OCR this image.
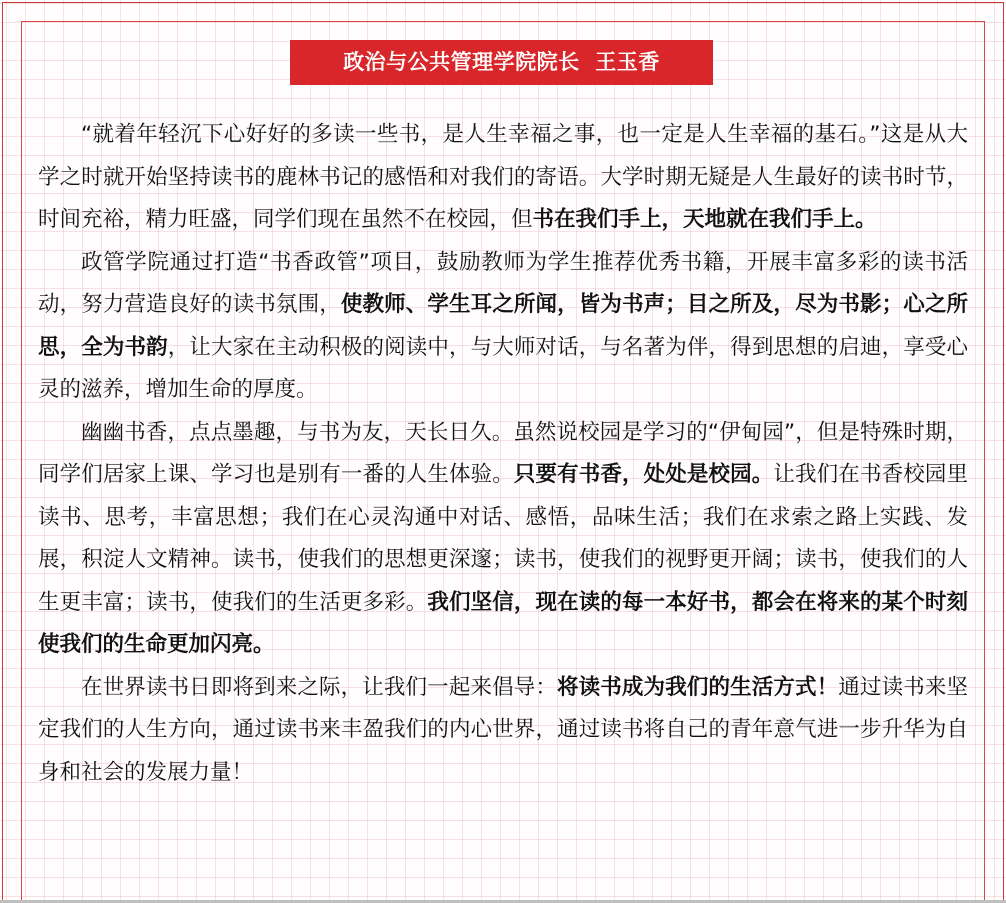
政治与公共管理学院院长  王玉香

“就着年轻沉下心好好的多读一些书，是人生幸福之事，也一定是人生幸福的基石。”这是从大学之时就开始坚持读书的鹿林书记的感悟和对我们的寄语。大学时期无疑是人生最好的读书时节，时间充裕，精力旺盛，同学们现在虽然不在校园，但书在我们手上，天地就在我们手上。

政管学院通过打造“书香政管”项目，鼓励教师为学生推荐优秀书籍，开展丰富多彩的读书活动，努力营造良好的读书氛围，使教师、学生耳之所闻，皆为书声；目之所及，尽为书影；心之所思，全为书韵，让大家在主动积极的阅读中，与大师对话，与名著为伴，得到思想的启迪，享受心灵的滋养，增加生命的厚度。

幽幽书香，点点墨趣，与书为友，天长日久。虽然说校园是学习的“伊甸园”，但是特殊时期，同学们居家上课、学习也是别有一番的人生体验。只要有书香，处处是校园。让我们在书香校园里读书、思考，丰富思想；我们在心灵沟通中对话、感悟，品味生活；我们在求索之路上实践、发展，积淀人文精神。读书，使我们的思想更深邃；读书，使我们的视野更开阔；读书，使我们的人生更丰富；读书，使我们的生活更多彩。我们坚信，现在读的每一本好书，都会在将来的某个时刻使我们的生命更加闪亮。

在世界读书日即将到来之际，让我们一起来倡导：将读书成为我们的生活方式！通过读书来坚定我们的人生方向，通过读书来丰盈我们的内心世界，通过读书将自己的青年意气进一步升华为自身和社会的发展力量！
